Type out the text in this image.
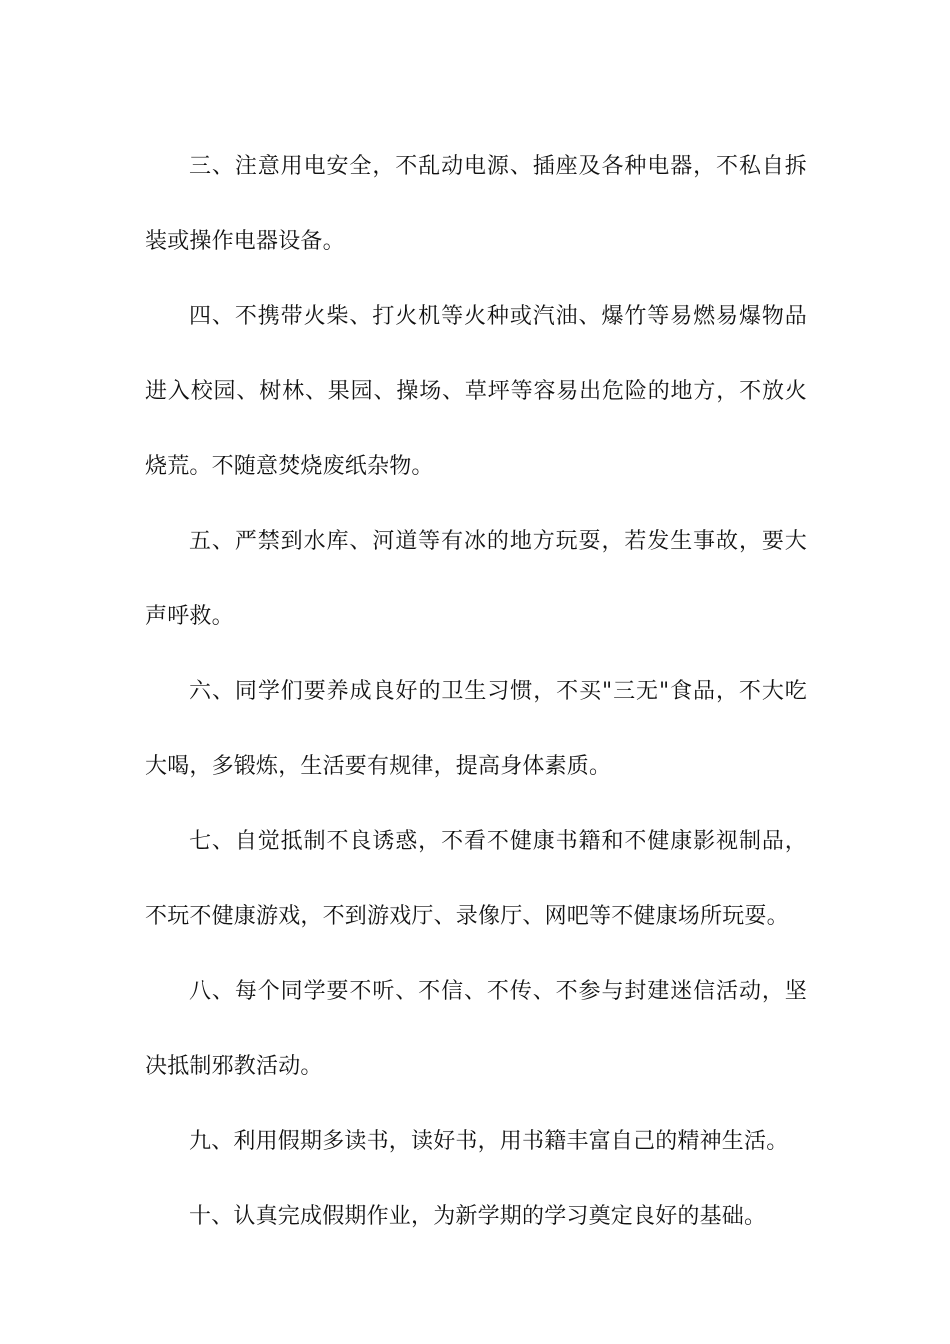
三、注意用电安全，不乱动电源、插座及各种电器，不私自拆装或操作电器设备。

四、不携带火柴、打火机等火种或汽油、爆竹等易燃易爆物品进入校园、树林、果园、操场、草坪等容易出危险的地方，不放火烧荒。不随意焚烧废纸杂物。

五、严禁到水库、河道等有冰的地方玩耍，若发生事故，要大声呼救。

六、同学们要养成良好的卫生习惯，不买"三无"食品，不大吃大喝，多锻炼，生活要有规律，提高身体素质。

七、自觉抵制不良诱惑，不看不健康书籍和不健康影视制品，不玩不健康游戏，不到游戏厅、录像厅、网吧等不健康场所玩耍。

八、每个同学要不听、不信、不传、不参与封建迷信活动，坚决抵制邪教活动。

九、利用假期多读书，读好书，用书籍丰富自己的精神生活。

十、认真完成假期作业，为新学期的学习奠定良好的基础。
